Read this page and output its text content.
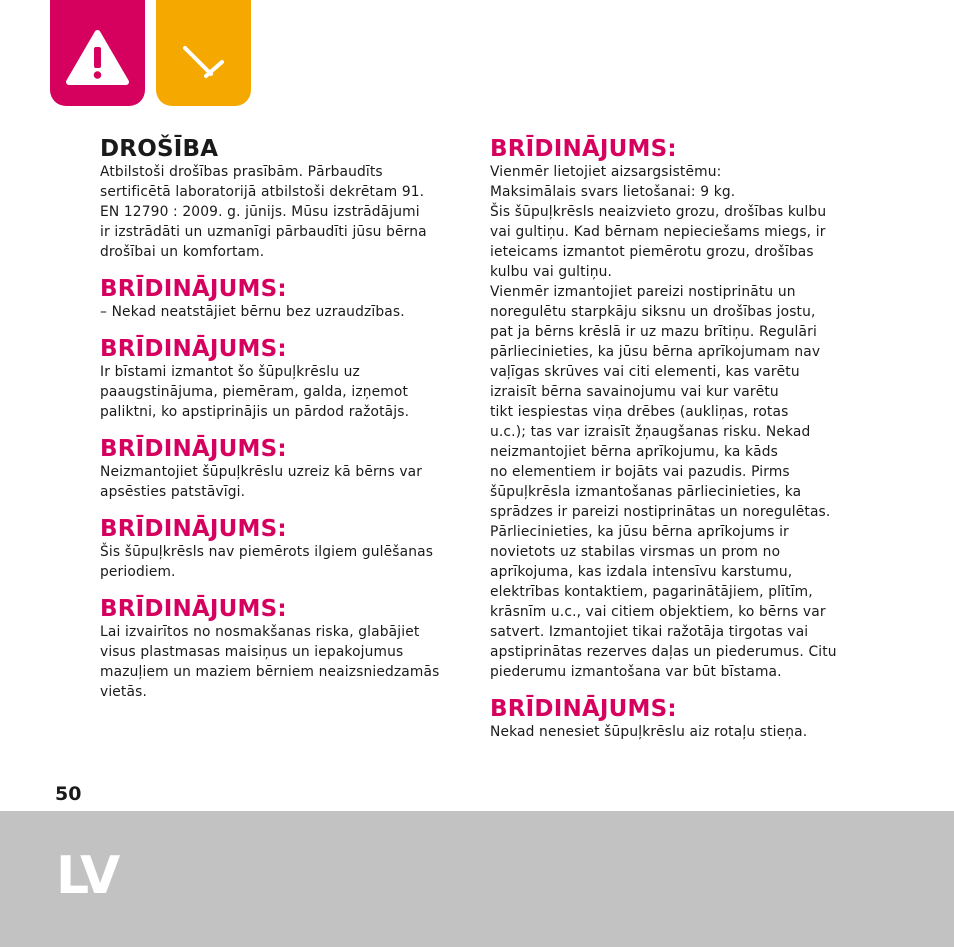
DROŠĪBA

Atbilstoši drošības prasībām. Pārbaudīts
sertificētā laboratorijā atbilstoši dekrētam 91.
EN 12790 : 2009. g. jūnijs. Mūsu izstrādājumi
ir izstrādāti un uzmanīgi pārbaudīti jūsu bērna
drošībai un komfortam.

BRĪDINĀJUMS:

– Nekad neatstājiet bērnu bez uzraudzības.

BRĪDINĀJUMS:

Ir bīstami izmantot šo šūpuļkrēslu uz
paaugstinājuma, piemēram, galda, izņemot
paliktni, ko apstiprinājis un pārdod ražotājs.

BRĪDINĀJUMS:

Neizmantojiet šūpuļkrēslu uzreiz kā bērns var
apsēsties patstāvīgi.

BRĪDINĀJUMS:

Šis šūpuļkrēsls nav piemērots ilgiem gulēšanas
periodiem.

BRĪDINĀJUMS:

Lai izvairītos no nosmakšanas riska, glabājiet
visus plastmasas maisiņus un iepakojumus
mazuļiem un maziem bērniem neaizsniedzamās
vietās.

BRĪDINĀJUMS:

Vienmēr lietojiet aizsargsistēmu:
Maksimālais svars lietošanai: 9 kg.
Šis šūpuļkrēsls neaizvieto grozu, drošības kulbu
vai gultiņu. Kad bērnam nepieciešams miegs, ir
ieteicams izmantot piemērotu grozu, drošības
kulbu vai gultiņu.
Vienmēr izmantojiet pareizi nostiprinātu un
noregulētu starpkāju siksnu un drošības jostu,
pat ja bērns krēslā ir uz mazu brītiņu. Regulāri
pārliecinieties, ka jūsu bērna aprīkojumam nav
vaļīgas skrūves vai citi elementi, kas varētu
izraisīt bērna savainojumu vai kur varētu
tikt iespiestas viņa drēbes (aukliņas, rotas
u.c.); tas var izraisīt žņaugšanas risku. Nekad
neizmantojiet bērna aprīkojumu, ka kāds
no elementiem ir bojāts vai pazudis. Pirms
šūpuļkrēsla izmantošanas pārliecinieties, ka
sprādzes ir pareizi nostiprinātas un noregulētas.
Pārliecinieties, ka jūsu bērna aprīkojums ir
novietots uz stabilas virsmas un prom no
aprīkojuma, kas izdala intensīvu karstumu,
elektrības kontaktiem, pagarinātājiem, plītīm,
krāsnīm u.c., vai citiem objektiem, ko bērns var
satvert. Izmantojiet tikai ražotāja tirgotas vai
apstiprinātas rezerves daļas un piederumus. Citu
piederumu izmantošana var būt bīstama.

BRĪDINĀJUMS:

Nekad nenesiet šūpuļkrēslu aiz rotaļu stieņa.

50
LV
